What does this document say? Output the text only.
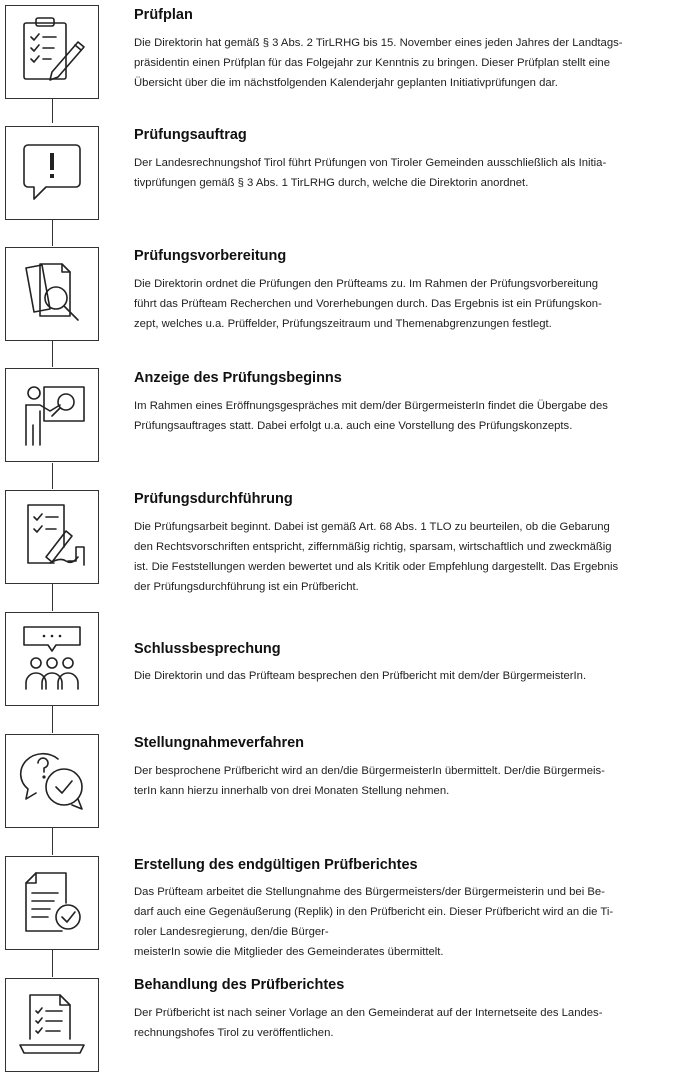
Prüfplan
Die Direktorin hat gemäß § 3 Abs. 2 TirLRHG bis 15. November eines jeden Jahres der Landtags-
präsidentin einen Prüfplan für das Folgejahr zur Kenntnis zu bringen. Dieser Prüfplan stellt eine
Übersicht über die im nächstfolgenden Kalenderjahr geplanten Initiativprüfungen dar.
Prüfungsauftrag
Der Landesrechnungshof Tirol führt Prüfungen von Tiroler Gemeinden ausschließlich als Initia-
tivprüfungen gemäß § 3 Abs. 1 TirLRHG durch, welche die Direktorin anordnet.
Prüfungsvorbereitung
Die Direktorin ordnet die Prüfungen den Prüfteams zu. Im Rahmen der Prüfungsvorbereitung
führt das Prüfteam Recherchen und Vorerhebungen durch. Das Ergebnis ist ein Prüfungskon-
zept, welches u.a. Prüffelder, Prüfungszeitraum und Themenabgrenzungen festlegt.
Anzeige des Prüfungsbeginns
Im Rahmen eines Eröffnungsgespräches mit dem/der BürgermeisterIn findet die Übergabe des
Prüfungsauftrages statt. Dabei erfolgt u.a. auch eine Vorstellung des Prüfungskonzepts.
Prüfungsdurchführung
Die Prüfungsarbeit beginnt. Dabei ist gemäß Art. 68 Abs. 1 TLO zu beurteilen, ob die Gebarung
den Rechtsvorschriften entspricht, ziffernmäßig richtig, sparsam, wirtschaftlich und zweckmäßig
ist. Die Feststellungen werden bewertet und als Kritik oder Empfehlung dargestellt. Das Ergebnis
der Prüfungsdurchführung ist ein Prüfbericht.
Schlussbesprechung
Die Direktorin und das Prüfteam besprechen den Prüfbericht mit dem/der BürgermeisterIn.
Stellungnahmeverfahren
Der besprochene Prüfbericht wird an den/die BürgermeisterIn übermittelt. Der/die Bürgermeis-
terIn kann hierzu innerhalb von drei Monaten Stellung nehmen.
Erstellung des endgültigen Prüfberichtes
Das Prüfteam arbeitet die Stellungnahme des Bürgermeisters/der Bürgermeisterin und bei Be-
darf auch eine Gegenäußerung (Replik) in den Prüfbericht ein. Dieser Prüfbericht wird an die Ti-
roler Landesregierung, den/die Bürger-
meisterIn sowie die Mitglieder des Gemeinderates übermittelt.
Behandlung des Prüfberichtes
Der Prüfbericht ist nach seiner Vorlage an den Gemeinderat auf der Internetseite des Landes-
rechnungshofes Tirol zu veröffentlichen.
